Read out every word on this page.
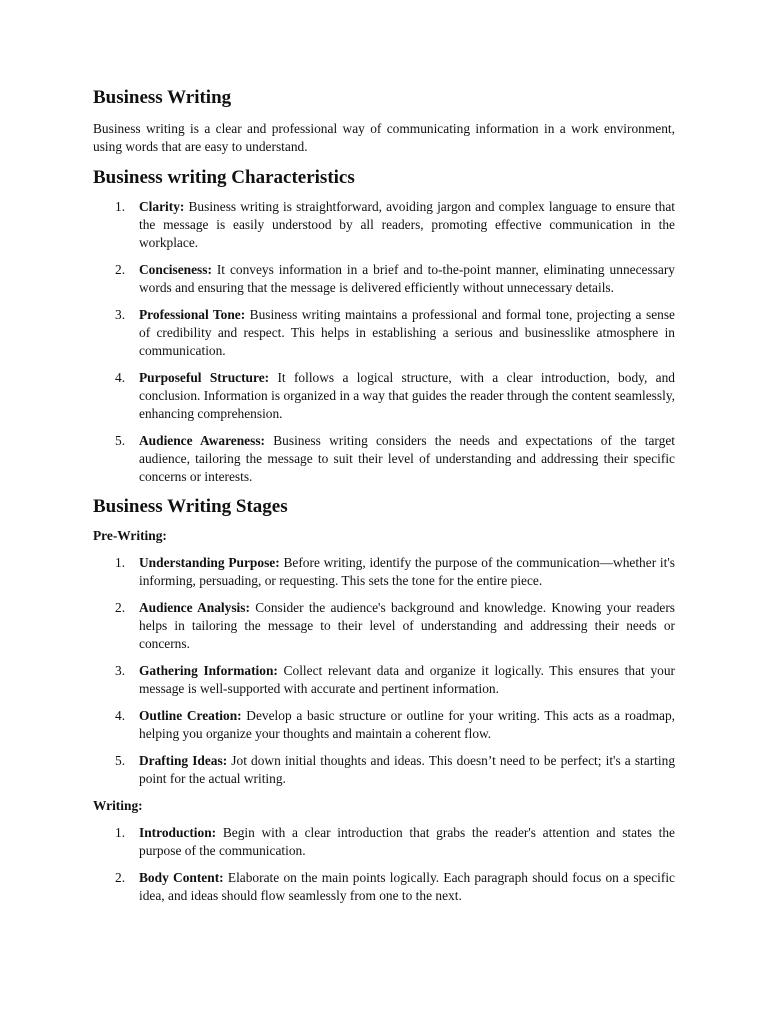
Business Writing

Business writing is a clear and professional way of communicating information in a work environment, using words that are easy to understand.

Business writing Characteristics
1. Clarity: Business writing is straightforward, avoiding jargon and complex language to ensure that the message is easily understood by all readers, promoting effective communication in the workplace.
2. Conciseness: It conveys information in a brief and to-the-point manner, eliminating unnecessary words and ensuring that the message is delivered efficiently without unnecessary details.
3. Professional Tone: Business writing maintains a professional and formal tone, projecting a sense of credibility and respect. This helps in establishing a serious and businesslike atmosphere in communication.
4. Purposeful Structure: It follows a logical structure, with a clear introduction, body, and conclusion. Information is organized in a way that guides the reader through the content seamlessly, enhancing comprehension.
5. Audience Awareness: Business writing considers the needs and expectations of the target audience, tailoring the message to suit their level of understanding and addressing their specific concerns or interests.
Business Writing Stages
Pre-Writing:
1. Understanding Purpose: Before writing, identify the purpose of the communication—whether it's informing, persuading, or requesting. This sets the tone for the entire piece.
2. Audience Analysis: Consider the audience's background and knowledge. Knowing your readers helps in tailoring the message to their level of understanding and addressing their needs or concerns.
3. Gathering Information: Collect relevant data and organize it logically. This ensures that your message is well-supported with accurate and pertinent information.
4. Outline Creation: Develop a basic structure or outline for your writing. This acts as a roadmap, helping you organize your thoughts and maintain a coherent flow.
5. Drafting Ideas: Jot down initial thoughts and ideas. This doesn’t need to be perfect; it's a starting point for the actual writing.
Writing:
1. Introduction: Begin with a clear introduction that grabs the reader's attention and states the purpose of the communication.
2. Body Content: Elaborate on the main points logically. Each paragraph should focus on a specific idea, and ideas should flow seamlessly from one to the next.
